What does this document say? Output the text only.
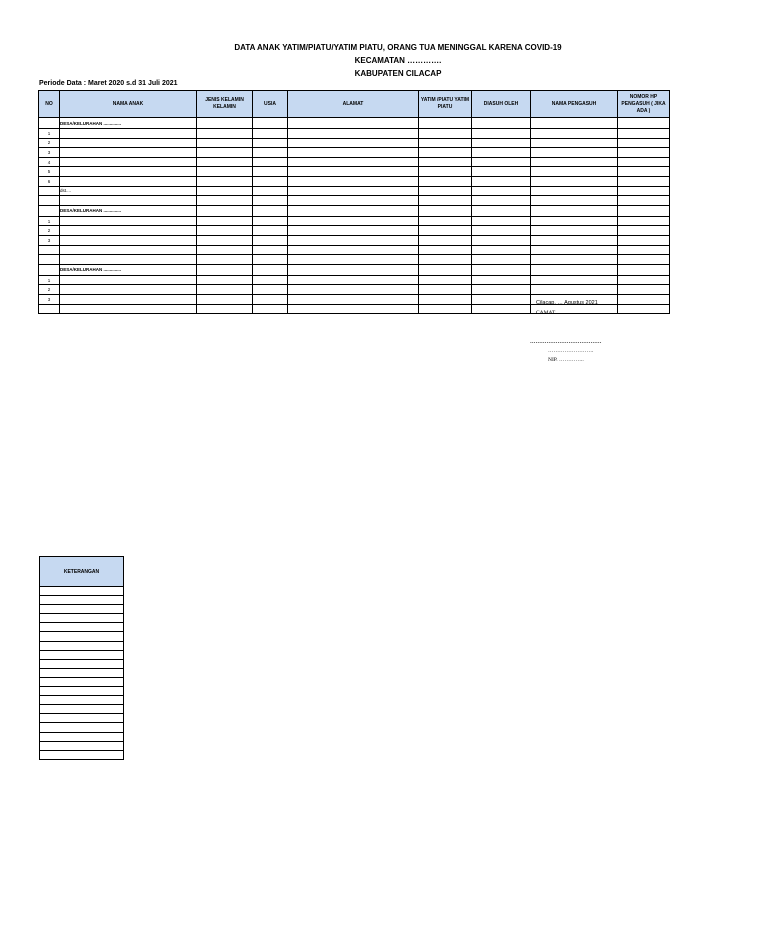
DATA ANAK YATIM/PIATU/YATIM PIATU, ORANG TUA MENINGGAL KARENA COVID-19
KECAMATAN ………….
KABUPATEN CILACAP
Periode Data : Maret 2020 s.d 31 Juli 2021
NO	NAMA ANAK	JENIS KELAMIN KELAMIN	USIA	ALAMAT	YATIM /PIATU YATIM PIATU	DIASUH OLEH	NAMA PENGASUH	NOMOR HP PENGASUH ( JIKA ADA )
	DESA/KELURAHAN ..............							
1								
2								
3								
4								
5								
6								
	dst....							

	DESA/KELURAHAN ..............							
1								
2								
3								

	DESA/KELURAHAN ..............							
1								
2								
3								

Cilacap, … Agustus 2021
CAMAT ………………….
…………………………………
…………………….
NIP. …………..
KETERANGAN
